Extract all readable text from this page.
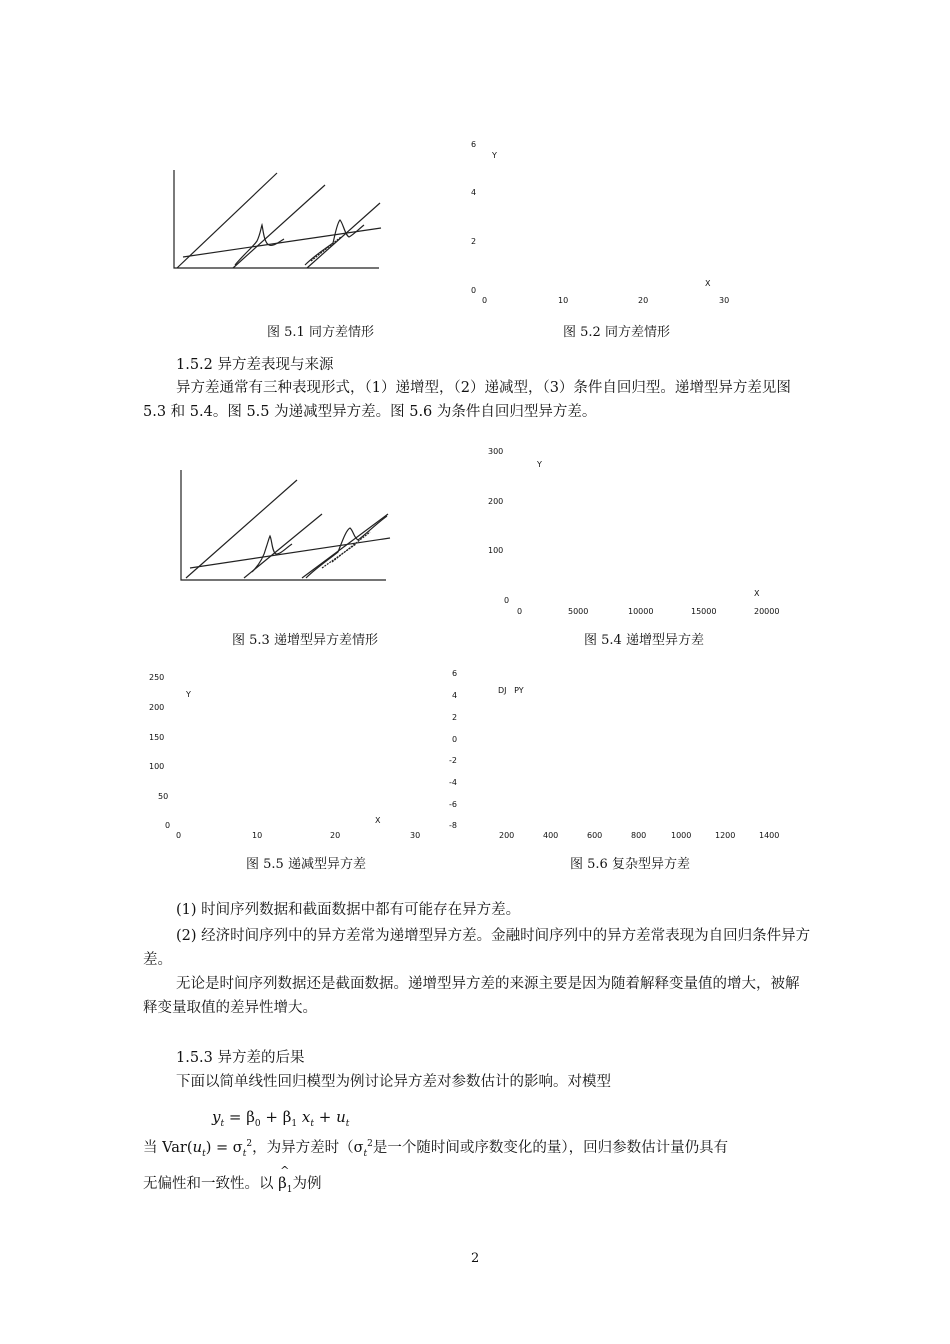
图 5.1 同方差情形
6
4
2
0
Y
X
0	10	20	30
图 5.2 同方差情形
1.5.2 异方差表现与来源
异方差通常有三种表现形式，（1）递增型，（2）递减型，（3）条件自回归型。递增型异方差见图 5.3 和 5.4。图 5.5 为递减型异方差。图 5.6 为条件自回归型异方差。
图 5.3 递增型异方差情形
300
200
100
0
Y
X
0	5000	10000	15000	20000
图 5.4 递增型异方差
250
200
150
100
50
0
Y
X
0	10	20	30
图 5.5 递减型异方差
6
4
2
0
-2
-4
-6
-8
DJ   PY
200	400	600	800	1000	1200	1400
图 5.6 复杂型异方差
(1) 时间序列数据和截面数据中都有可能存在异方差。
(2) 经济时间序列中的异方差常为递增型异方差。金融时间序列中的异方差常表现为自回归条件异方差。
无论是时间序列数据还是截面数据。递增型异方差的来源主要是因为随着解释变量值的增大，被解释变量取值的差异性增大。
1.5.3 异方差的后果
下面以简单线性回归模型为例讨论异方差对参数估计的影响。对模型
$y_t = \beta_0 + \beta_1$ $x_t + u_t$
当 $Var(u_t) = \sigma_t^2$，为异方差时（$\sigma_t^2$是一个随时间或序数变化的量），回归参数估计量仍具有
无偏性和一致性。以 β
^
$_1$为例
2
